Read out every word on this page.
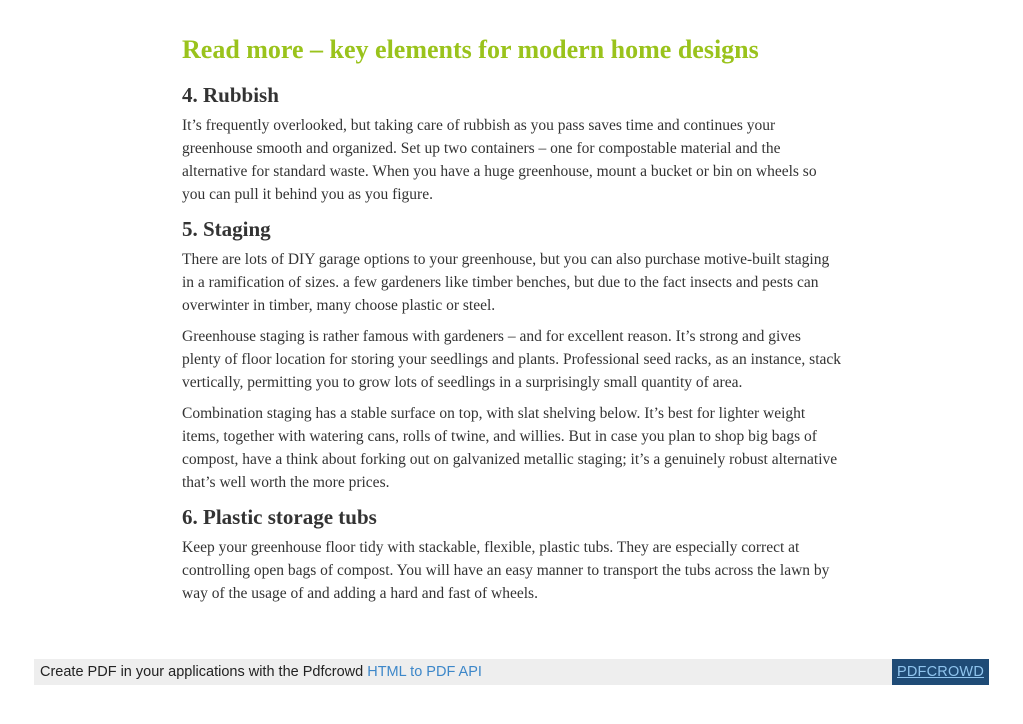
Read more – key elements for modern home designs
4. Rubbish

It’s frequently overlooked, but taking care of rubbish as you pass saves time and continues your greenhouse smooth and organized. Set up two containers – one for compostable material and the alternative for standard waste. When you have a huge greenhouse, mount a bucket or bin on wheels so you can pull it behind you as you figure.

5. Staging

There are lots of DIY garage options to your greenhouse, but you can also purchase motive-built staging in a ramification of sizes. a few gardeners like timber benches, but due to the fact insects and pests can overwinter in timber, many choose plastic or steel.

Greenhouse staging is rather famous with gardeners – and for excellent reason. It’s strong and gives plenty of floor location for storing your seedlings and plants. Professional seed racks, as an instance, stack vertically, permitting you to grow lots of seedlings in a surprisingly small quantity of area.

Combination staging has a stable surface on top, with slat shelving below. It’s best for lighter weight items, together with watering cans, rolls of twine, and willies. But in case you plan to shop big bags of compost, have a think about forking out on galvanized metallic staging; it’s a genuinely robust alternative that’s well worth the more prices.

6. Plastic storage tubs

Keep your greenhouse floor tidy with stackable, flexible, plastic tubs. They are especially correct at controlling open bags of compost. You will have an easy manner to transport the tubs across the lawn by way of the usage of and adding a hard and fast of wheels.

Create PDF in your applications with the Pdfcrowd HTML to PDF API	PDFCROWD
